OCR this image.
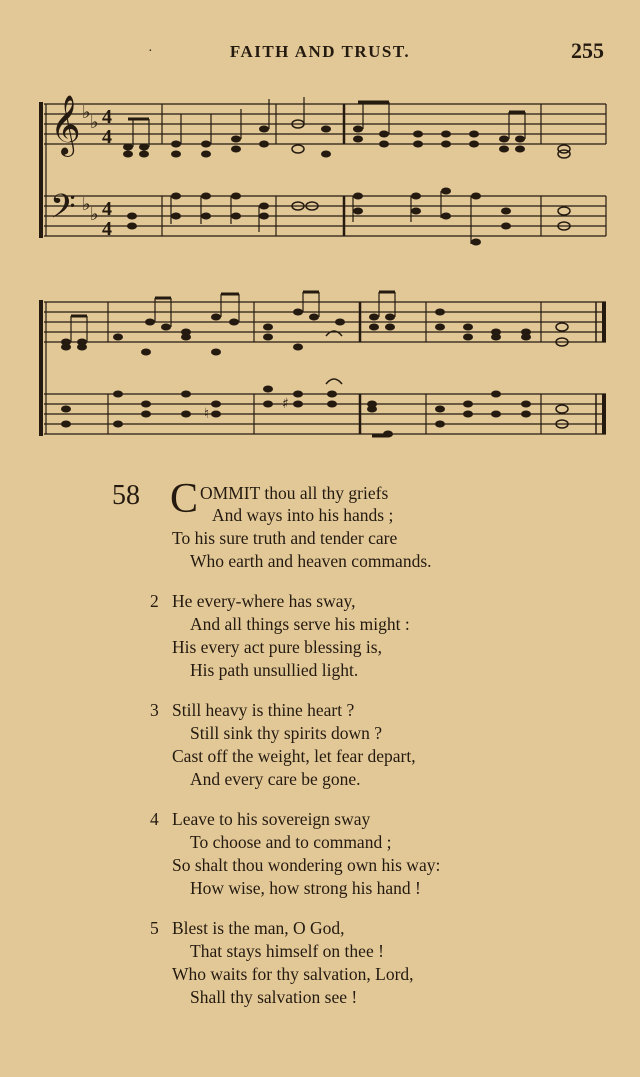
·	FAITH AND TRUST.	255
𝄞
𝄢
♭ ♭
♭ ♭
4
4
4
4
♮
♯
58 C OMMIT thou all thy griefs
And ways into his hands ;
To his sure truth and tender care
Who earth and heaven commands.
2 He every-where has sway,
And all things serve his might :
His every act pure blessing is,
His path unsullied light.
3 Still heavy is thine heart ?
Still sink thy spirits down ?
Cast off the weight, let fear depart,
And every care be gone.
4 Leave to his sovereign sway
To choose and to command ;
So shalt thou wondering own his way:
How wise, how strong his hand !
5 Blest is the man, O God,
That stays himself on thee !
Who waits for thy salvation, Lord,
Shall thy salvation see !
